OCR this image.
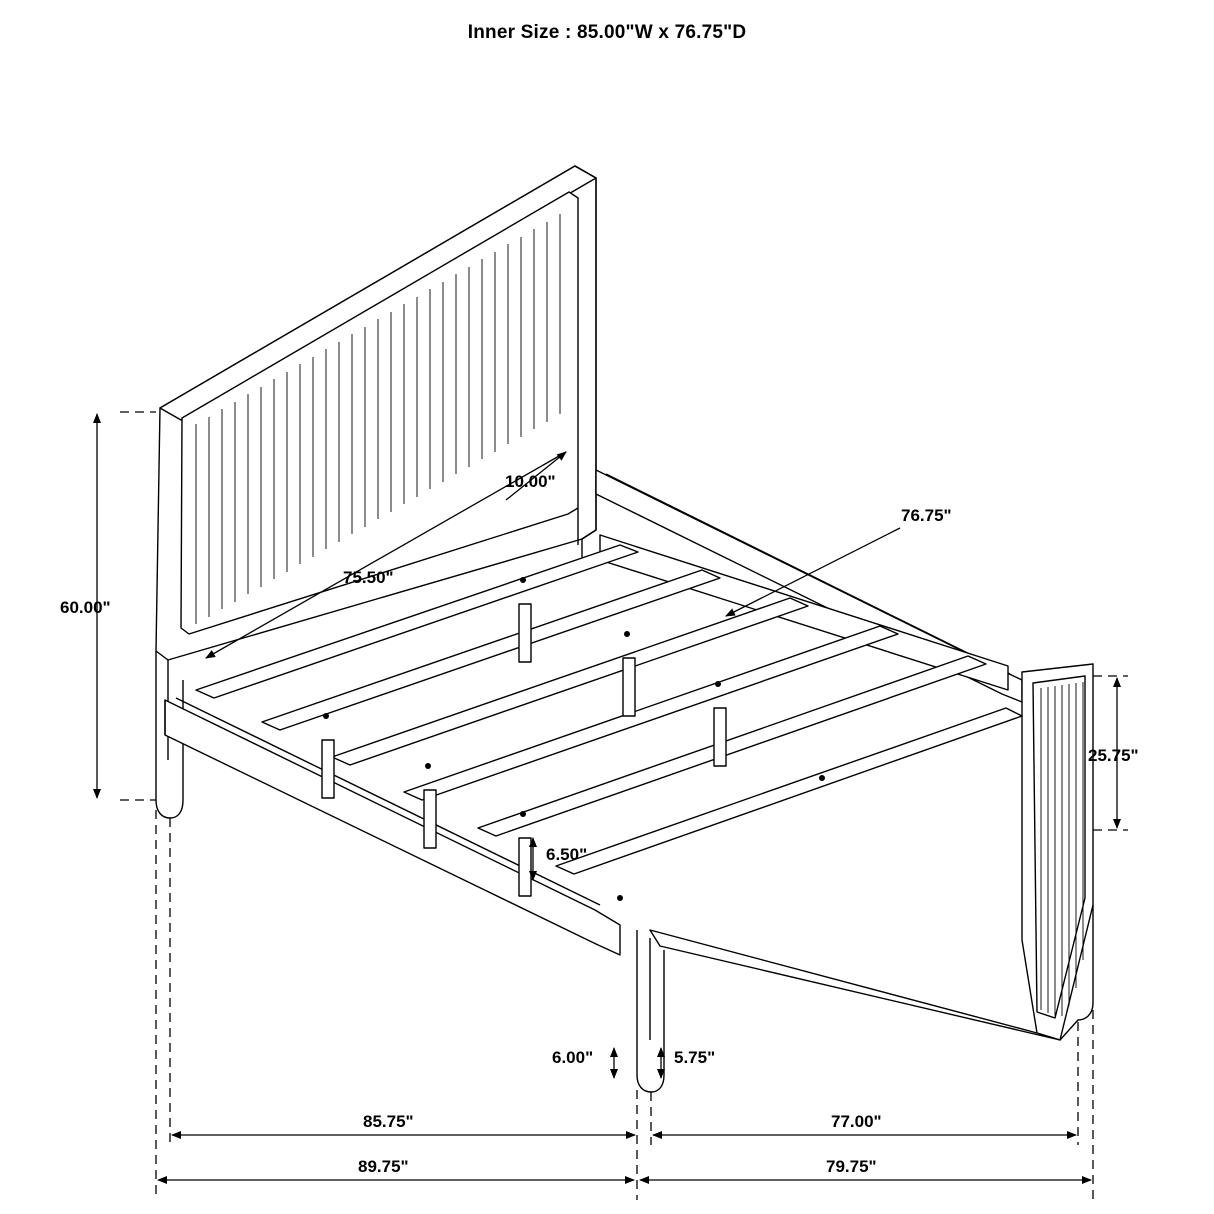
Inner Size : 85.00"W x 76.75"D
60.00"
10.00"
75.50"
76.75"
25.75"
6.50"
6.00"	5.75"
85.75"	77.00"
89.75"	79.75"
